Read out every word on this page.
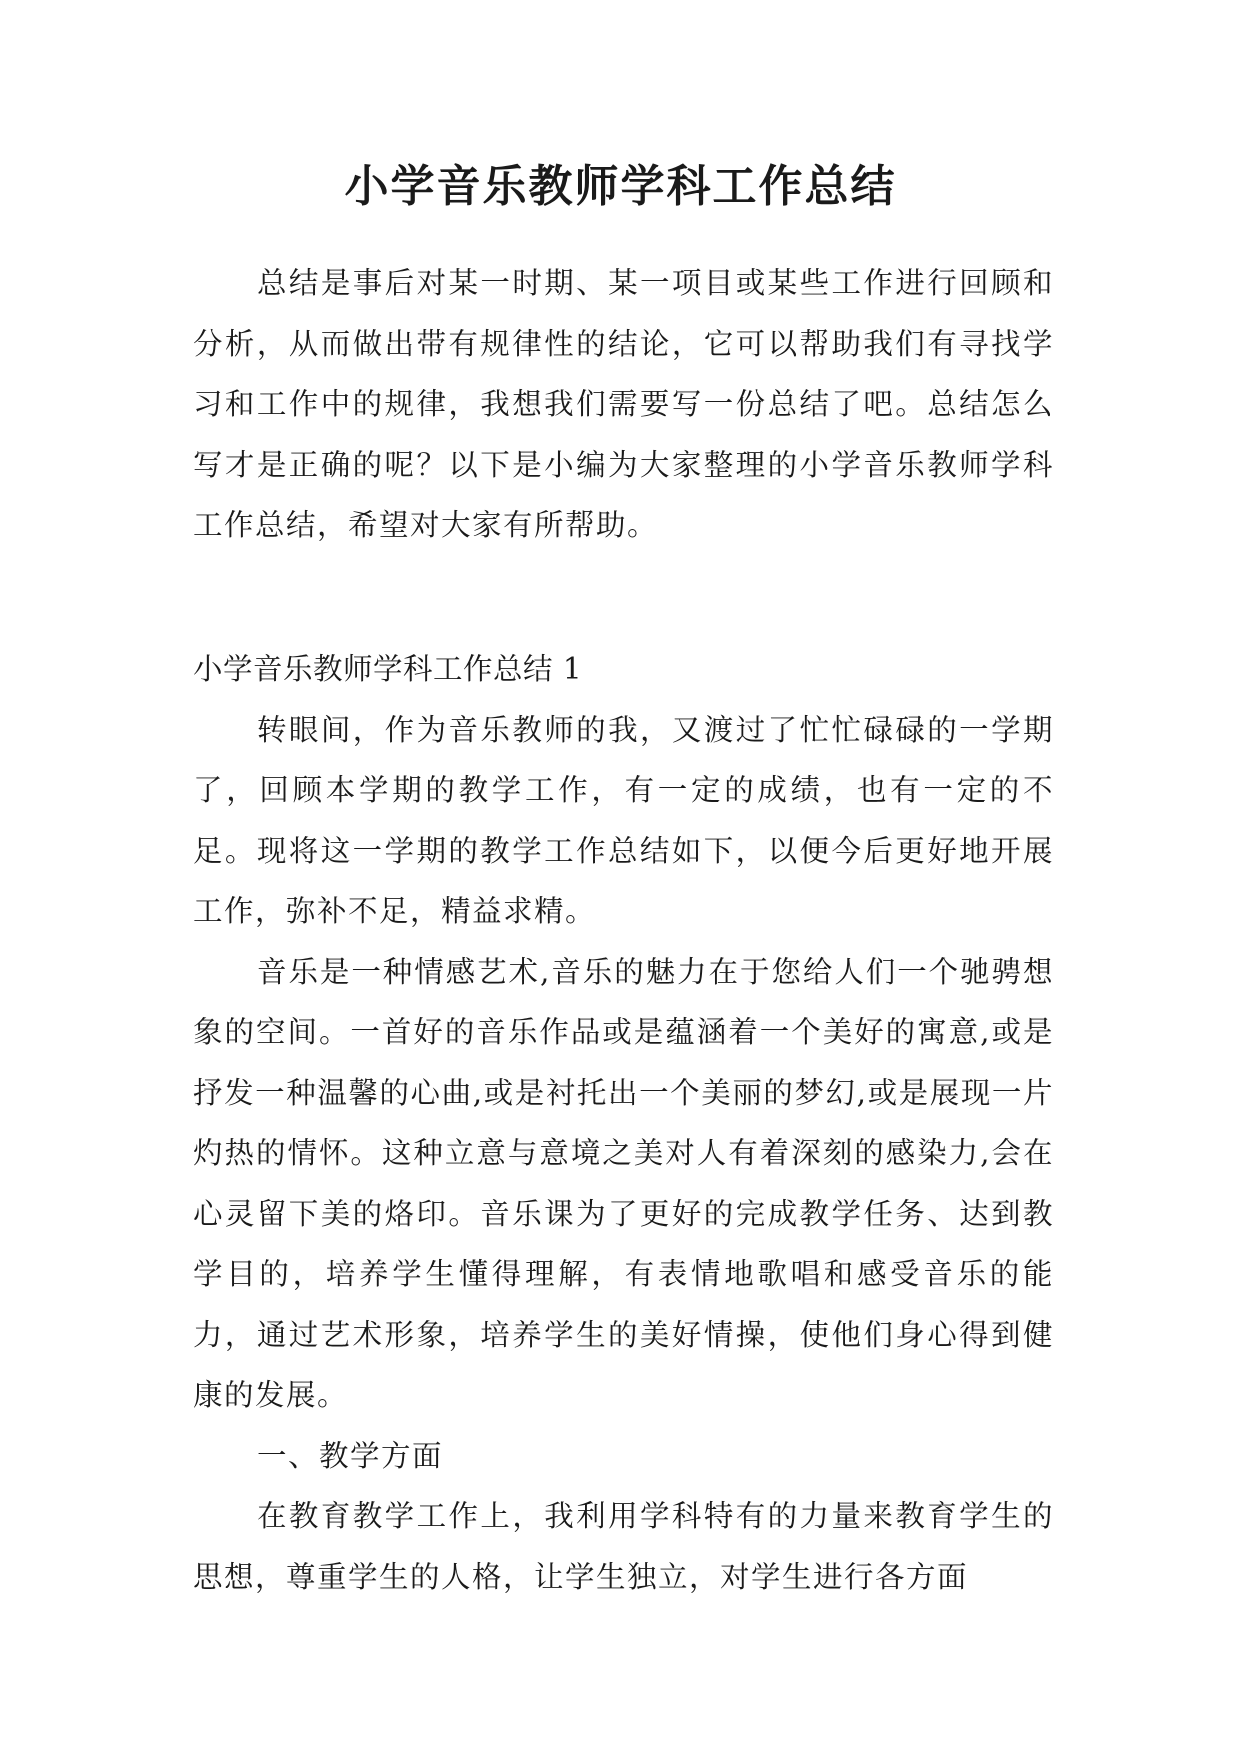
小学音乐教师学科工作总结

总结是事后对某一时期、某一项目或某些工作进行回顾和分析，从而做出带有规律性的结论，它可以帮助我们有寻找学习和工作中的规律，我想我们需要写一份总结了吧。总结怎么写才是正确的呢？以下是小编为大家整理的小学音乐教师学科工作总结，希望对大家有所帮助。

小学音乐教师学科工作总结 1

转眼间，作为音乐教师的我，又渡过了忙忙碌碌的一学期了，回顾本学期的教学工作，有一定的成绩，也有一定的不足。现将这一学期的教学工作总结如下，以便今后更好地开展工作，弥补不足，精益求精。

音乐是一种情感艺术,音乐的魅力在于您给人们一个驰骋想象的空间。一首好的音乐作品或是蕴涵着一个美好的寓意,或是抒发一种温馨的心曲,或是衬托出一个美丽的梦幻,或是展现一片灼热的情怀。这种立意与意境之美对人有着深刻的感染力,会在心灵留下美的烙印。音乐课为了更好的完成教学任务、达到教学目的，培养学生懂得理解，有表情地歌唱和感受音乐的能力，通过艺术形象，培养学生的美好情操，使他们身心得到健康的发展。

一、教学方面

在教育教学工作上，我利用学科特有的力量来教育学生的思想，尊重学生的人格，让学生独立，对学生进行各方面
